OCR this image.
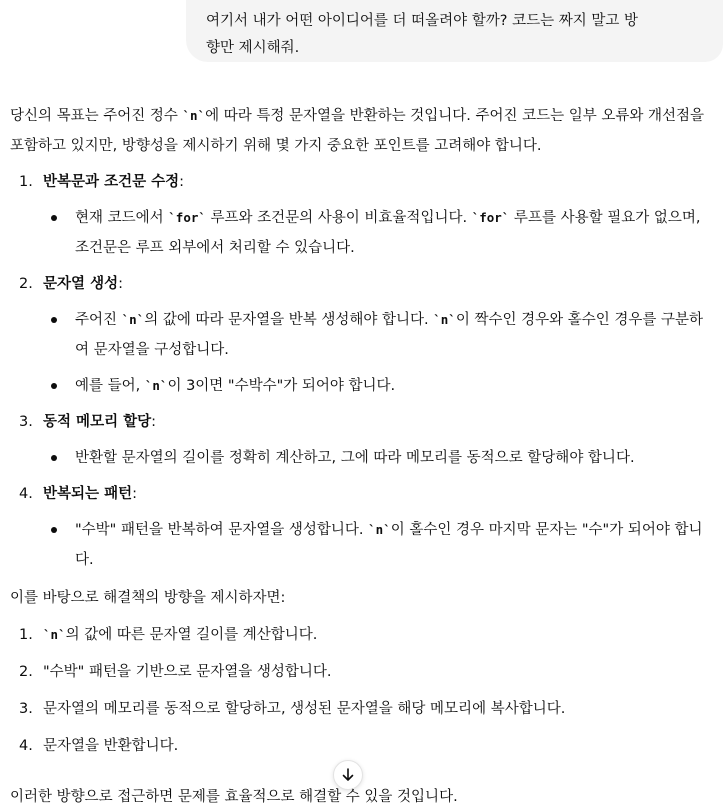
여기서 내가 어떤 아이디어를 더 떠올려야 할까? 코드는 짜지 말고 방
향만 제시해줘.

당신의 목표는 주어진 정수 `n`에 따라 특정 문자열을 반환하는 것입니다. 주어진 코드는 일부 오류와 개선점을 포함하고 있지만, 방향성을 제시하기 위해 몇 가지 중요한 포인트를 고려해야 합니다.

1. 반복문과 조건문 수정:
현재 코드에서 `for` 루프와 조건문의 사용이 비효율적입니다. `for` 루프를 사용할 필요가 없으며, 조건문은 루프 외부에서 처리할 수 있습니다.
2. 문자열 생성:
주어진 `n`의 값에 따라 문자열을 반복 생성해야 합니다. `n`이 짝수인 경우와 홀수인 경우를 구분하여 문자열을 구성합니다.
예를 들어, `n`이 3이면 "수박수"가 되어야 합니다.
3. 동적 메모리 할당:
반환할 문자열의 길이를 정확히 계산하고, 그에 따라 메모리를 동적으로 할당해야 합니다.
4. 반복되는 패턴:
"수박" 패턴을 반복하여 문자열을 생성합니다. `n`이 홀수인 경우 마지막 문자는 "수"가 되어야 합니다.

이를 바탕으로 해결책의 방향을 제시하자면:

1. `n`의 값에 따른 문자열 길이를 계산합니다.
2. "수박" 패턴을 기반으로 문자열을 생성합니다.
3. 문자열의 메모리를 동적으로 할당하고, 생성된 문자열을 해당 메모리에 복사합니다.
4. 문자열을 반환합니다.

이러한 방향으로 접근하면 문제를 효율적으로 해결할 수 있을 것입니다.
